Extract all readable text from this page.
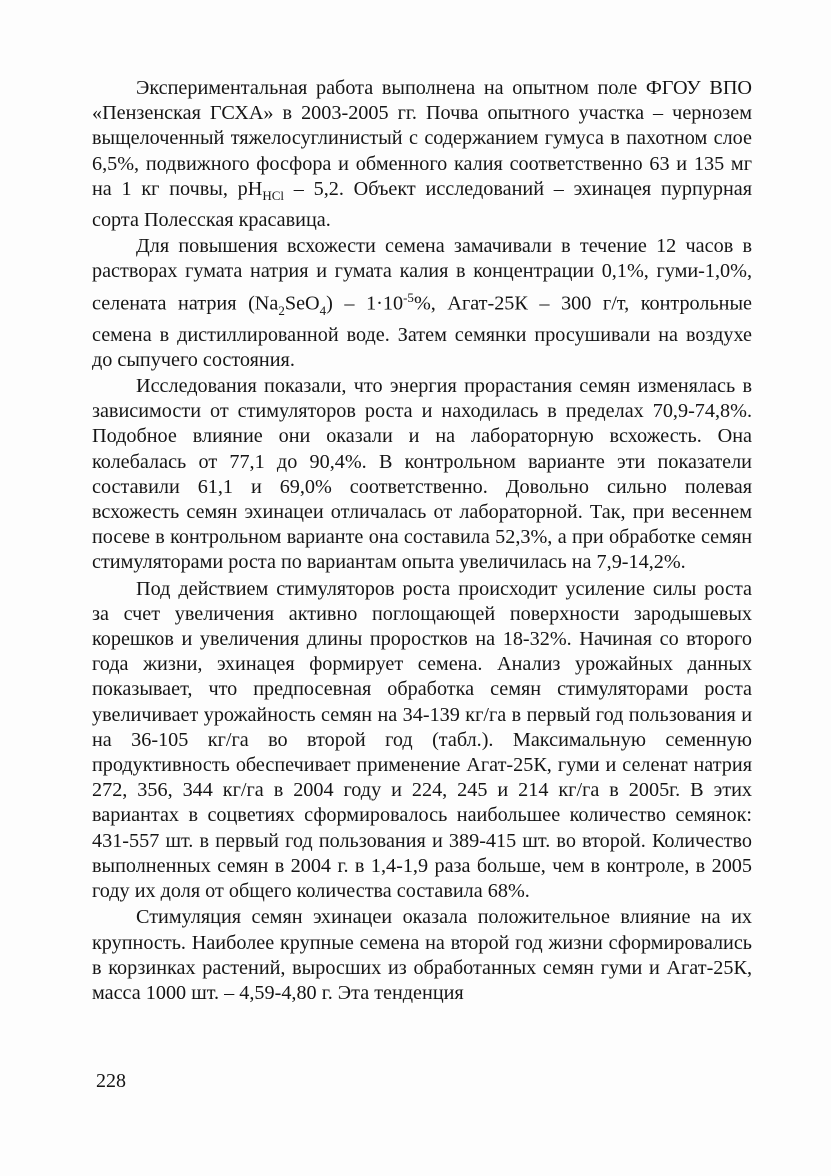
Экспериментальная работа выполнена на опытном поле ФГОУ ВПО «Пензенская ГСХА» в 2003-2005 гг. Почва опытного участка – чернозем выщелоченный тяжелосуглинистый с содержанием гумуса в пахотном слое 6,5%, подвижного фосфора и обменного калия соответственно 63 и 135 мг на 1 кг почвы, $pH_{HCl} - 5,2$. Объект исследований – эхинацея пурпурная сорта Полесская красавица.

Для повышения всхожести семена замачивали в течение 12 часов в растворах гумата натрия и гумата калия в концентрации 0,1%, гуми-1,0%, селената натрия $(Na_2SeO_4) - 1\cdot 10^{-5}\%$, Агат-25К – 300 г/т, контрольные семена в дистиллированной воде. Затем семянки просушивали на воздухе до сыпучего состояния.

Исследования показали, что энергия прорастания семян изменялась в зависимости от стимуляторов роста и находилась в пределах 70,9-74,8%. Подобное влияние они оказали и на лабораторную всхожесть. Она колебалась от 77,1 до 90,4%. В контрольном варианте эти показатели составили 61,1 и 69,0% соответственно. Довольно сильно полевая всхожесть семян эхинацеи отличалась от лабораторной. Так, при весеннем посеве в контрольном варианте она составила 52,3%, а при обработке семян стимуляторами роста по вариантам опыта увеличилась на 7,9-14,2%.

Под действием стимуляторов роста происходит усиление силы роста за счет увеличения активно поглощающей поверхности зародышевых корешков и увеличения длины проростков на 18-32%. Начиная со второго года жизни, эхинацея формирует семена. Анализ урожайных данных показывает, что предпосевная обработка семян стимуляторами роста увеличивает урожайность семян на 34-139 кг/га в первый год пользования и на 36-105 кг/га во второй год (табл.). Максимальную семенную продуктивность обеспечивает применение Агат-25К, гуми и селенат натрия 272, 356, 344 кг/га в 2004 году и 224, 245 и 214 кг/га в 2005г. В этих вариантах в соцветиях сформировалось наибольшее количество семянок: 431-557 шт. в первый год пользования и 389-415 шт. во второй. Количество выполненных семян в 2004 г. в 1,4-1,9 раза больше, чем в контроле, в 2005 году их доля от общего количества составила 68%.

Стимуляция семян эхинацеи оказала положительное влияние на их крупность. Наиболее крупные семена на второй год жизни сформировались в корзинках растений, выросших из обработанных семян гуми и Агат-25К, масса 1000 шт. – 4,59-4,80 г. Эта тенденция

228
